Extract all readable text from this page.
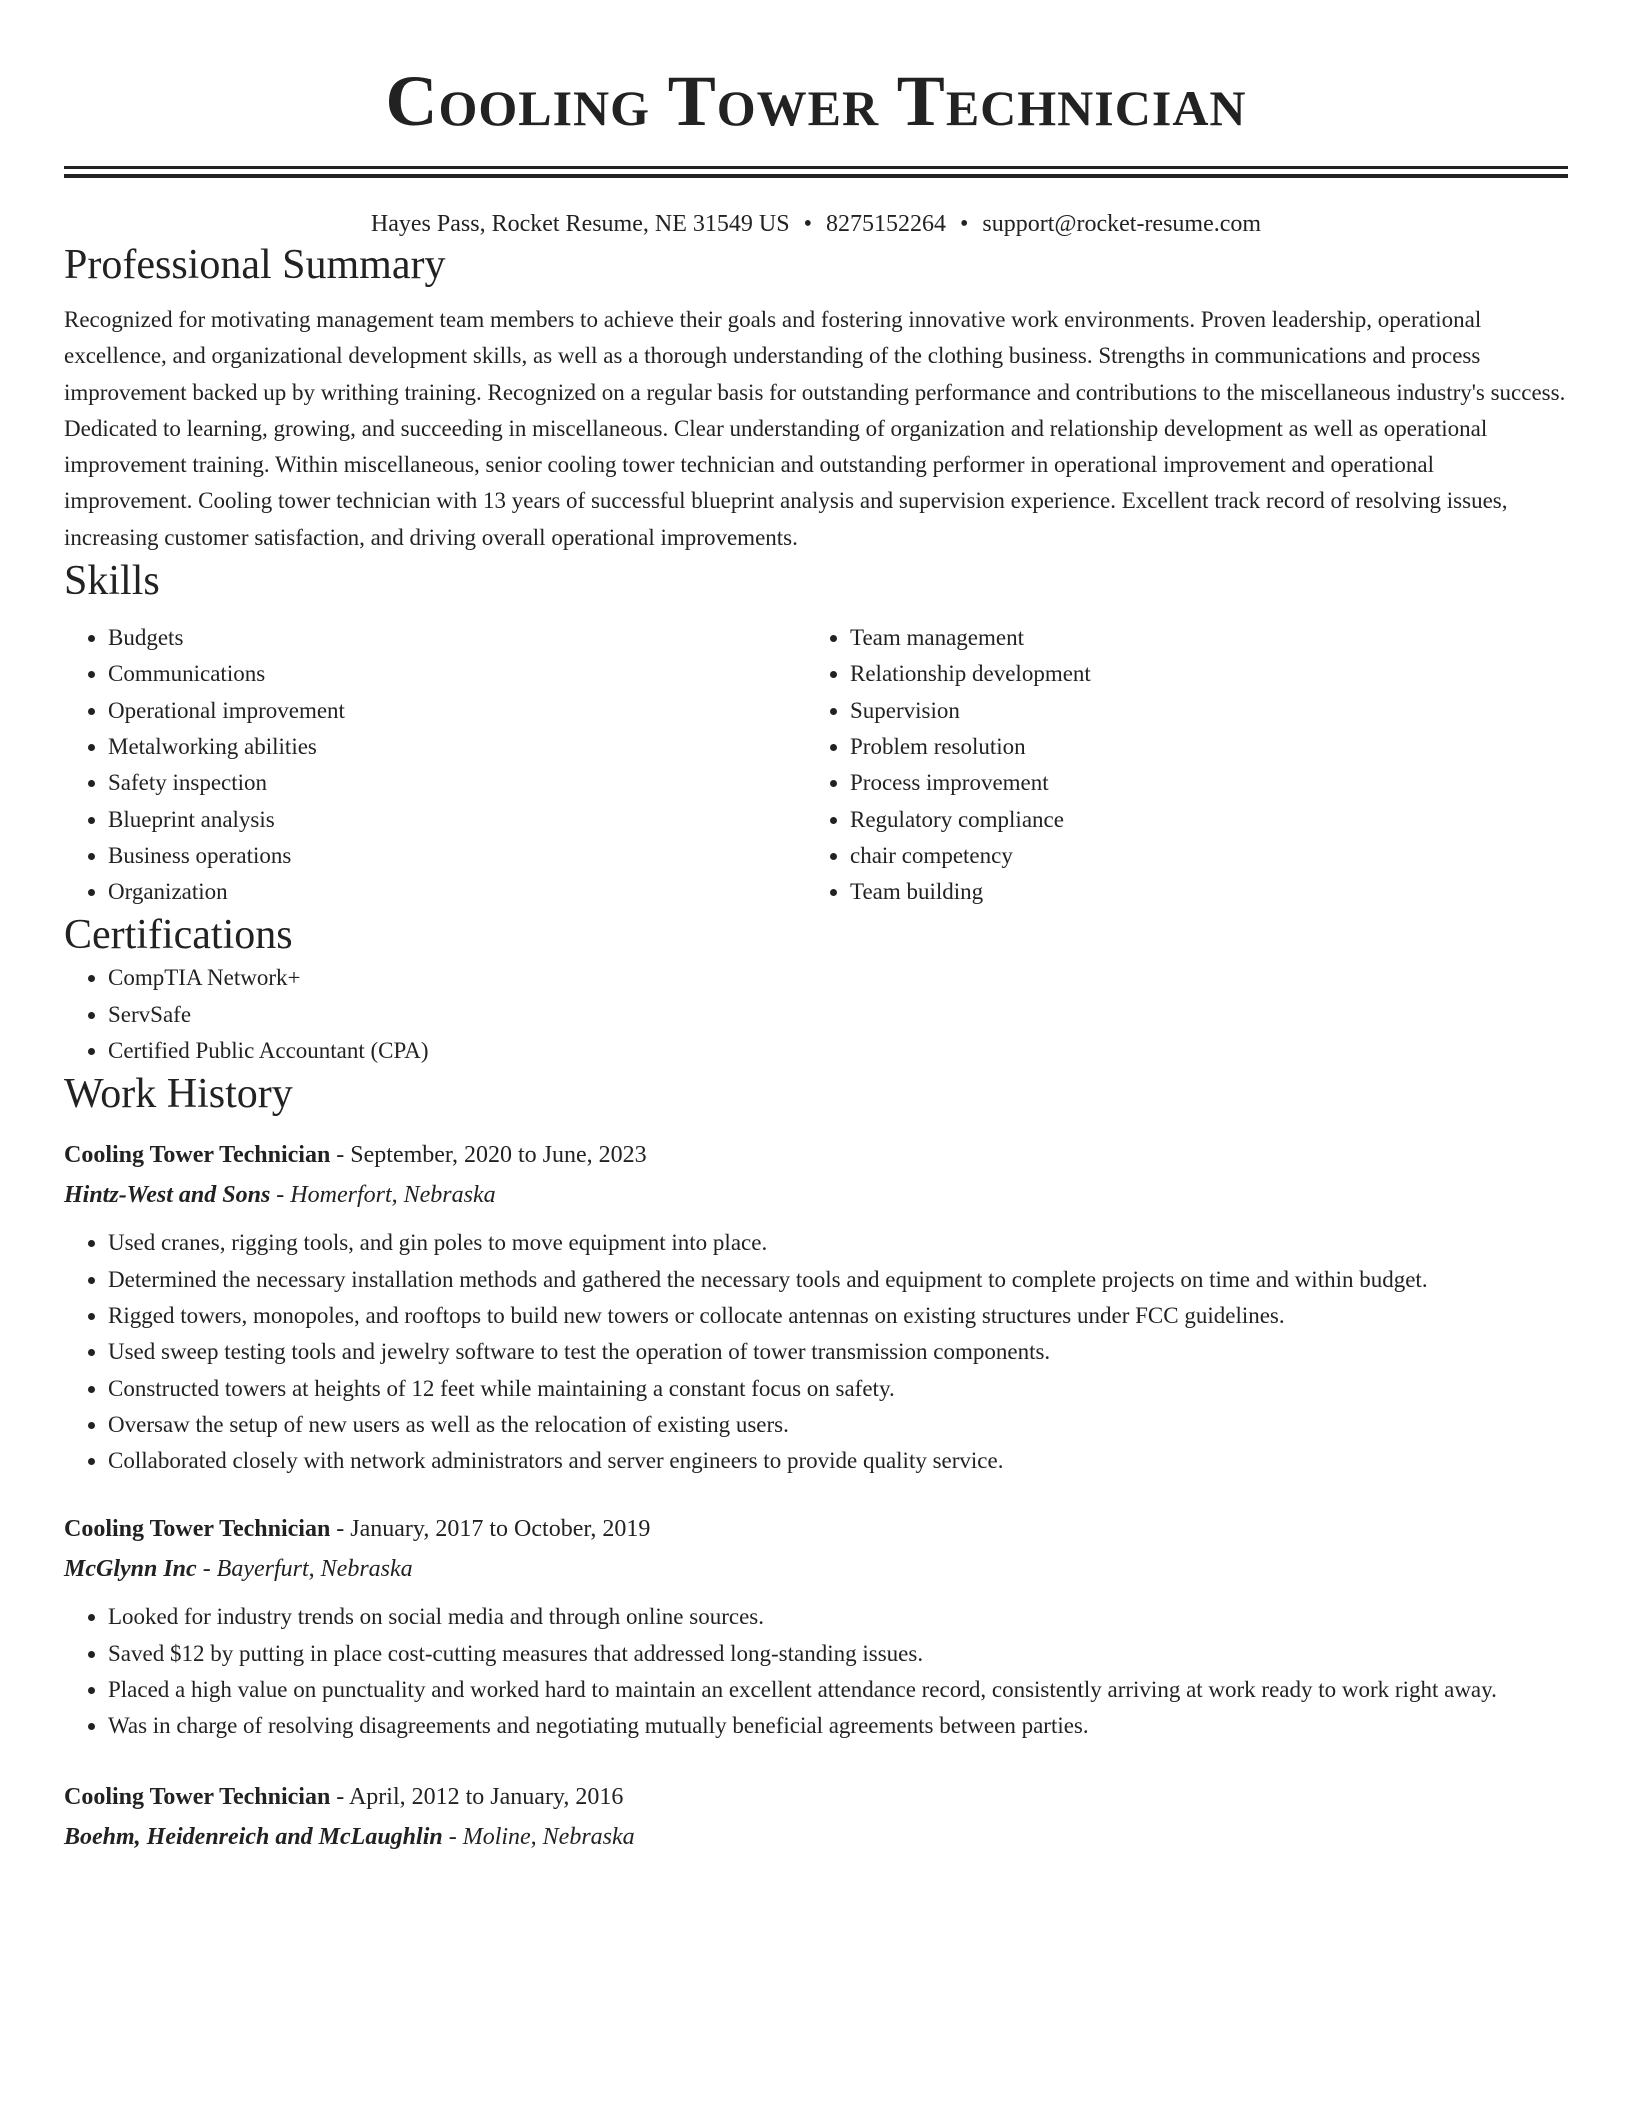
Cooling Tower Technician
Hayes Pass, Rocket Resume, NE 31549 US • 8275152264 • support@rocket-resume.com
Professional Summary

Recognized for motivating management team members to achieve their goals and fostering innovative work environments. Proven leadership, operational excellence, and organizational development skills, as well as a thorough understanding of the clothing business. Strengths in communications and process improvement backed up by writhing training. Recognized on a regular basis for outstanding performance and contributions to the miscellaneous industry's success. Dedicated to learning, growing, and succeeding in miscellaneous. Clear understanding of organization and relationship development as well as operational improvement training. Within miscellaneous, senior cooling tower technician and outstanding performer in operational improvement and operational improvement. Cooling tower technician with 13 years of successful blueprint analysis and supervision experience. Excellent track record of resolving issues, increasing customer satisfaction, and driving overall operational improvements.

Skills
• Budgets
• Communications
• Operational improvement
• Metalworking abilities
• Safety inspection
• Blueprint analysis
• Business operations
• Organization
• Team management
• Relationship development
• Supervision
• Problem resolution
• Process improvement
• Regulatory compliance
• chair competency
• Team building
Certifications
• CompTIA Network+
• ServSafe
• Certified Public Accountant (CPA)
Work History
Cooling Tower Technician - September, 2020 to June, 2023
Hintz-West and Sons - Homerfort, Nebraska
• Used cranes, rigging tools, and gin poles to move equipment into place.
• Determined the necessary installation methods and gathered the necessary tools and equipment to complete projects on time and within budget.
• Rigged towers, monopoles, and rooftops to build new towers or collocate antennas on existing structures under FCC guidelines.
• Used sweep testing tools and jewelry software to test the operation of tower transmission components.
• Constructed towers at heights of 12 feet while maintaining a constant focus on safety.
• Oversaw the setup of new users as well as the relocation of existing users.
• Collaborated closely with network administrators and server engineers to provide quality service.
Cooling Tower Technician - January, 2017 to October, 2019
McGlynn Inc - Bayerfurt, Nebraska
• Looked for industry trends on social media and through online sources.
• Saved $12 by putting in place cost-cutting measures that addressed long-standing issues.
• Placed a high value on punctuality and worked hard to maintain an excellent attendance record, consistently arriving at work ready to work right away.
• Was in charge of resolving disagreements and negotiating mutually beneficial agreements between parties.
Cooling Tower Technician - April, 2012 to January, 2016
Boehm, Heidenreich and McLaughlin - Moline, Nebraska
